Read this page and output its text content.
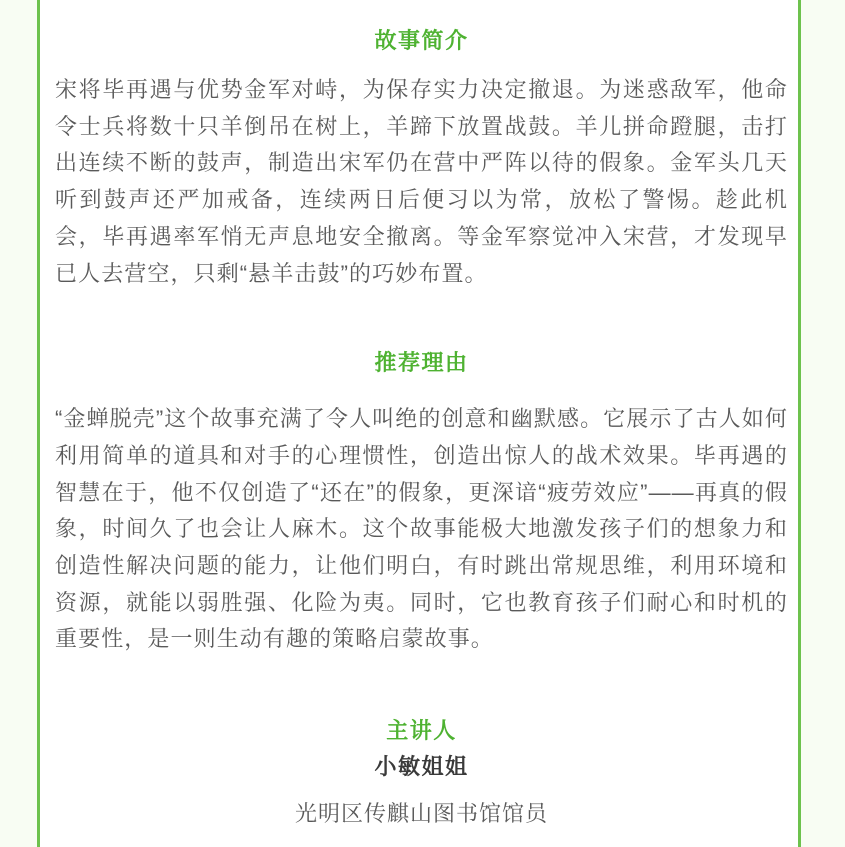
故事简介

宋将毕再遇与优势金军对峙，为保存实力决定撤退。为迷惑敌军，他命令士兵将数十只羊倒吊在树上，羊蹄下放置战鼓。羊儿拼命蹬腿，击打出连续不断的鼓声，制造出宋军仍在营中严阵以待的假象。金军头几天听到鼓声还严加戒备，连续两日后便习以为常，放松了警惕。趁此机会，毕再遇率军悄无声息地安全撤离。等金军察觉冲入宋营，才发现早已人去营空，只剩“悬羊击鼓”的巧妙布置。

推荐理由

“金蝉脱壳”这个故事充满了令人叫绝的创意和幽默感。它展示了古人如何利用简单的道具和对手的心理惯性，创造出惊人的战术效果。毕再遇的智慧在于，他不仅创造了“还在”的假象，更深谙“疲劳效应”——再真的假象，时间久了也会让人麻木。这个故事能极大地激发孩子们的想象力和创造性解决问题的能力，让他们明白，有时跳出常规思维，利用环境和资源，就能以弱胜强、化险为夷。同时，它也教育孩子们耐心和时机的重要性，是一则生动有趣的策略启蒙故事。

主讲人

小敏姐姐

光明区传麒山图书馆馆员
